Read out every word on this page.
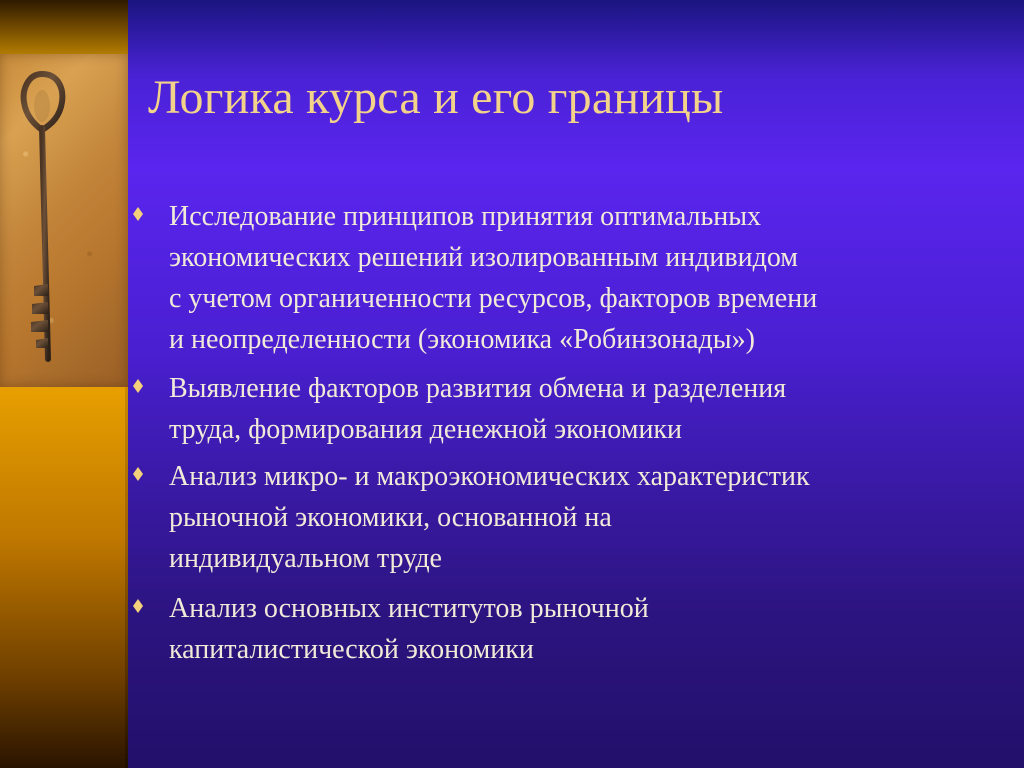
Логика курса и его границы
Исследование принципов принятия оптимальных
экономических решений изолированным индивидом
с учетом органиченности ресурсов, факторов времени
и неопределенности (экономика «Робинзонады»)
Выявление факторов развития обмена и разделения
труда, формирования денежной экономики
Анализ микро- и макроэкономических характеристик
рыночной экономики, основанной на
индивидуальном труде
Анализ основных институтов рыночной
капиталистической экономики
